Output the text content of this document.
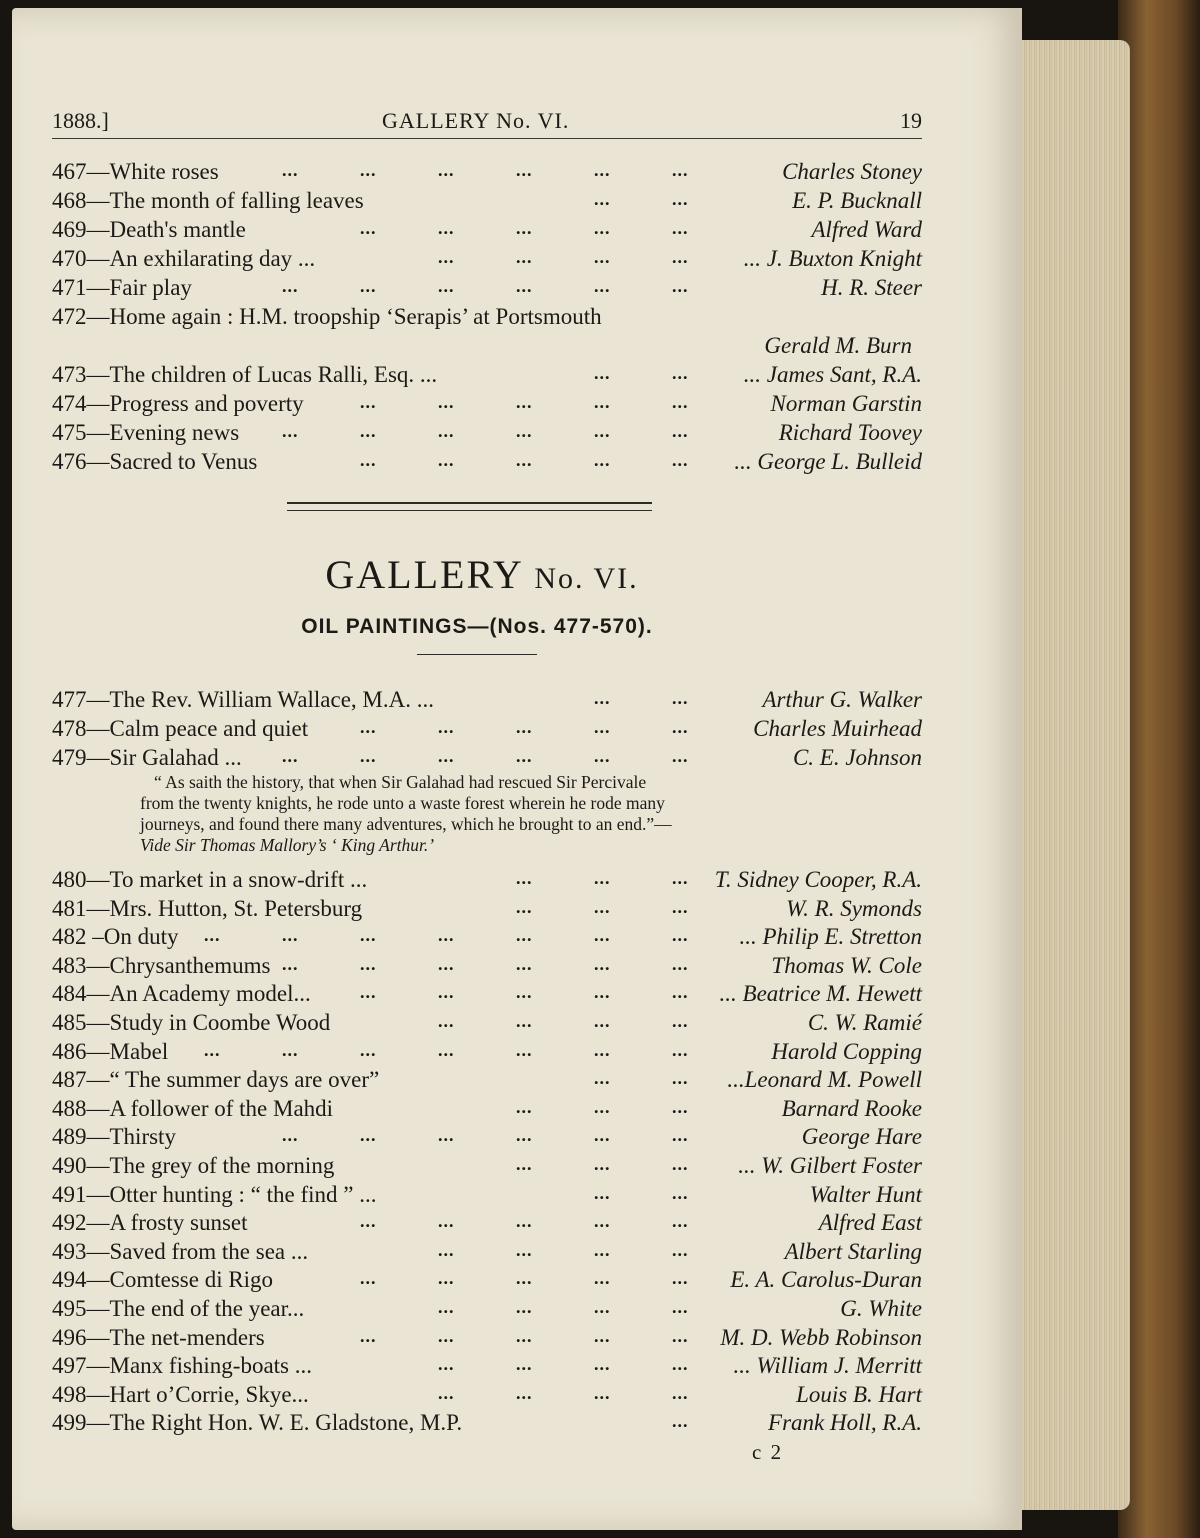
1888.]	GALLERY No. VI.	19
467—White roses	...	...	...	...	...	...	Charles Stoney
468—The month of falling leaves	...	...	E. P. Bucknall
469—Death's mantle	...	...	...	...	...	Alfred Ward
470—An exhilarating day ...	...	...	...	... ... J. Buxton Knight
471—Fair play	...	...	...	...	...	...	H. R. Steer
472—Home again : H.M. troopship ‘Serapis’ at Portsmouth
Gerald M. Burn
473—The children of Lucas Ralli, Esq. ...	...	... ... James Sant, R.A.
474—Progress and poverty	...	...	...	...	...	Norman Garstin
475—Evening news ...	...	...	...	...	...	Richard Toovey
476—Sacred to Venus	...	...	...	...	... ... George L. Bulleid
GALLERY No. VI.
OIL PAINTINGS—(Nos. 477-570).
477—The Rev. William Wallace, M.A. ...	...	...	Arthur G. Walker
478—Calm peace and quiet	...	...	...	...	...	Charles Muirhead
479—Sir Galahad ... ...	...	...	...	...	...	C. E. Johnson
“ As saith the history, that when Sir Galahad had rescued Sir Percivale
from the twenty knights, he rode unto a waste forest wherein he rode many
journeys, and found there many adventures, which he brought to an end.”—
Vide Sir Thomas Mallory’s ‘ King Arthur.’
480—To market in a snow-drift ...	...	...	... T. Sidney Cooper, R.A.
481—Mrs. Hutton, St. Petersburg	...	...	...	W. R. Symonds
482 –On duty ...	...	...	...	...	...	... ... Philip E. Stretton
483—Chrysanthemums ...	...	...	...	...	...	Thomas W. Cole
484—An Academy model...	...	...	...	...	... ... Beatrice M. Hewett
485—Study in Coombe Wood	...	...	...	...	C. W. Ramié
486—Mabel ...	...	...	...	...	...	...	Harold Copping
487—“ The summer days are over”	...	... ...Leonard M. Powell
488—A follower of the Mahdi	...	...	...	Barnard Rooke
489—Thirsty	...	...	...	...	...	...	George Hare
490—The grey of the morning	...	...	... ... W. Gilbert Foster
491—Otter hunting : “ the find ” ...	...	...	Walter Hunt
492—A frosty sunset	...	...	...	...	...	Alfred East
493—Saved from the sea ...	...	...	...	...	Albert Starling
494—Comtesse di Rigo	...	...	...	...	... E. A. Carolus-Duran
495—The end of the year...	...	...	...	...	G. White
496—The net-menders	...	...	...	...	... M. D. Webb Robinson
497—Manx fishing-boats ...	...	...	...	... ... William J. Merritt
498—Hart o’Corrie, Skye...	...	...	...	...	Louis B. Hart
499—The Right Hon. W. E. Gladstone, M.P.	...	Frank Holl, R.A.
c 2
